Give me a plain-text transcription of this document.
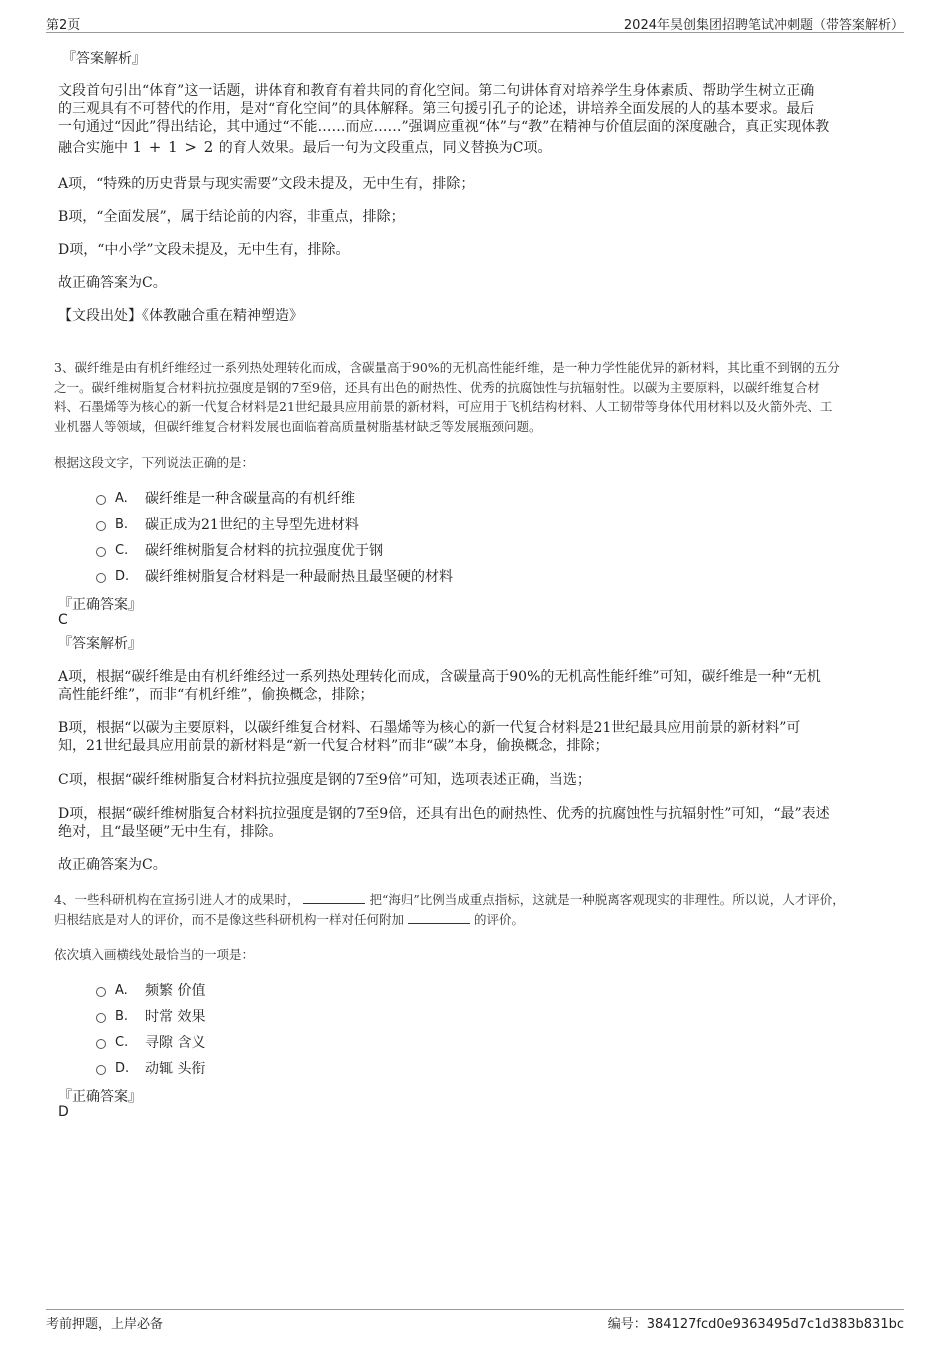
第2页	2024年昊创集团招聘笔试冲刺题（带答案解析）
『答案解析』
文段首句引出“体育”这一话题，讲体育和教育有着共同的育化空间。第二句讲体育对培养学生身体素质、帮助学生树立正确
的三观具有不可替代的作用，是对“育化空间”的具体解释。第三句援引孔子的论述，讲培养全面发展的人的基本要求。最后
一句通过“因此”得出结论，其中通过“不能……而应……”强调应重视“体”与“教”在精神与价值层面的深度融合，真正实现体教
融合实施中 1 + 1 > 2 的育人效果。最后一句为文段重点，同义替换为C项。
A项，“特殊的历史背景与现实需要”文段未提及，无中生有，排除；
B项，“全面发展”，属于结论前的内容，非重点，排除；
D项，“中小学”文段未提及，无中生有，排除。
故正确答案为C。
【文段出处】《体教融合重在精神塑造》
3、碳纤维是由有机纤维经过一系列热处理转化而成，含碳量高于90%的无机高性能纤维，是一种力学性能优异的新材料，其比重不到钢的五分
之一。碳纤维树脂复合材料抗拉强度是钢的7至9倍，还具有出色的耐热性、优秀的抗腐蚀性与抗辐射性。以碳为主要原料，以碳纤维复合材
料、石墨烯等为核心的新一代复合材料是21世纪最具应用前景的新材料，可应用于飞机结构材料、人工韧带等身体代用材料以及火箭外壳、工
业机器人等领域，但碳纤维复合材料发展也面临着高质量树脂基材缺乏等发展瓶颈问题。
根据这段文字，下列说法正确的是：
A.	碳纤维是一种含碳量高的有机纤维
B.	碳正成为21世纪的主导型先进材料
C.	碳纤维树脂复合材料的抗拉强度优于钢
D.	碳纤维树脂复合材料是一种最耐热且最坚硬的材料
『正确答案』
C
『答案解析』
A项，根据“碳纤维是由有机纤维经过一系列热处理转化而成，含碳量高于90%的无机高性能纤维”可知，碳纤维是一种“无机
高性能纤维”，而非“有机纤维”，偷换概念，排除；
B项，根据“以碳为主要原料，以碳纤维复合材料、石墨烯等为核心的新一代复合材料是21世纪最具应用前景的新材料”可
知，21世纪最具应用前景的新材料是“新一代复合材料”而非“碳”本身，偷换概念，排除；
C项，根据“碳纤维树脂复合材料抗拉强度是钢的7至9倍”可知，选项表述正确，当选；
D项，根据“碳纤维树脂复合材料抗拉强度是钢的7至9倍，还具有出色的耐热性、优秀的抗腐蚀性与抗辐射性”可知，“最”表述
绝对，且“最坚硬”无中生有，排除。
故正确答案为C。
4、一些科研机构在宣扬引进人才的成果时，	把“海归”比例当成重点指标，这就是一种脱离客观现实的非理性。所以说，人才评价，
归根结底是对人的评价，而不是像这些科研机构一样对任何附加	的评价。
依次填入画横线处最恰当的一项是：
A.	频繁 价值
B.	时常 效果
C.	寻隙 含义
D.	动辄 头衔
『正确答案』
D
考前押题，上岸必备	编号：384127fcd0e9363495d7c1d383b831bc
